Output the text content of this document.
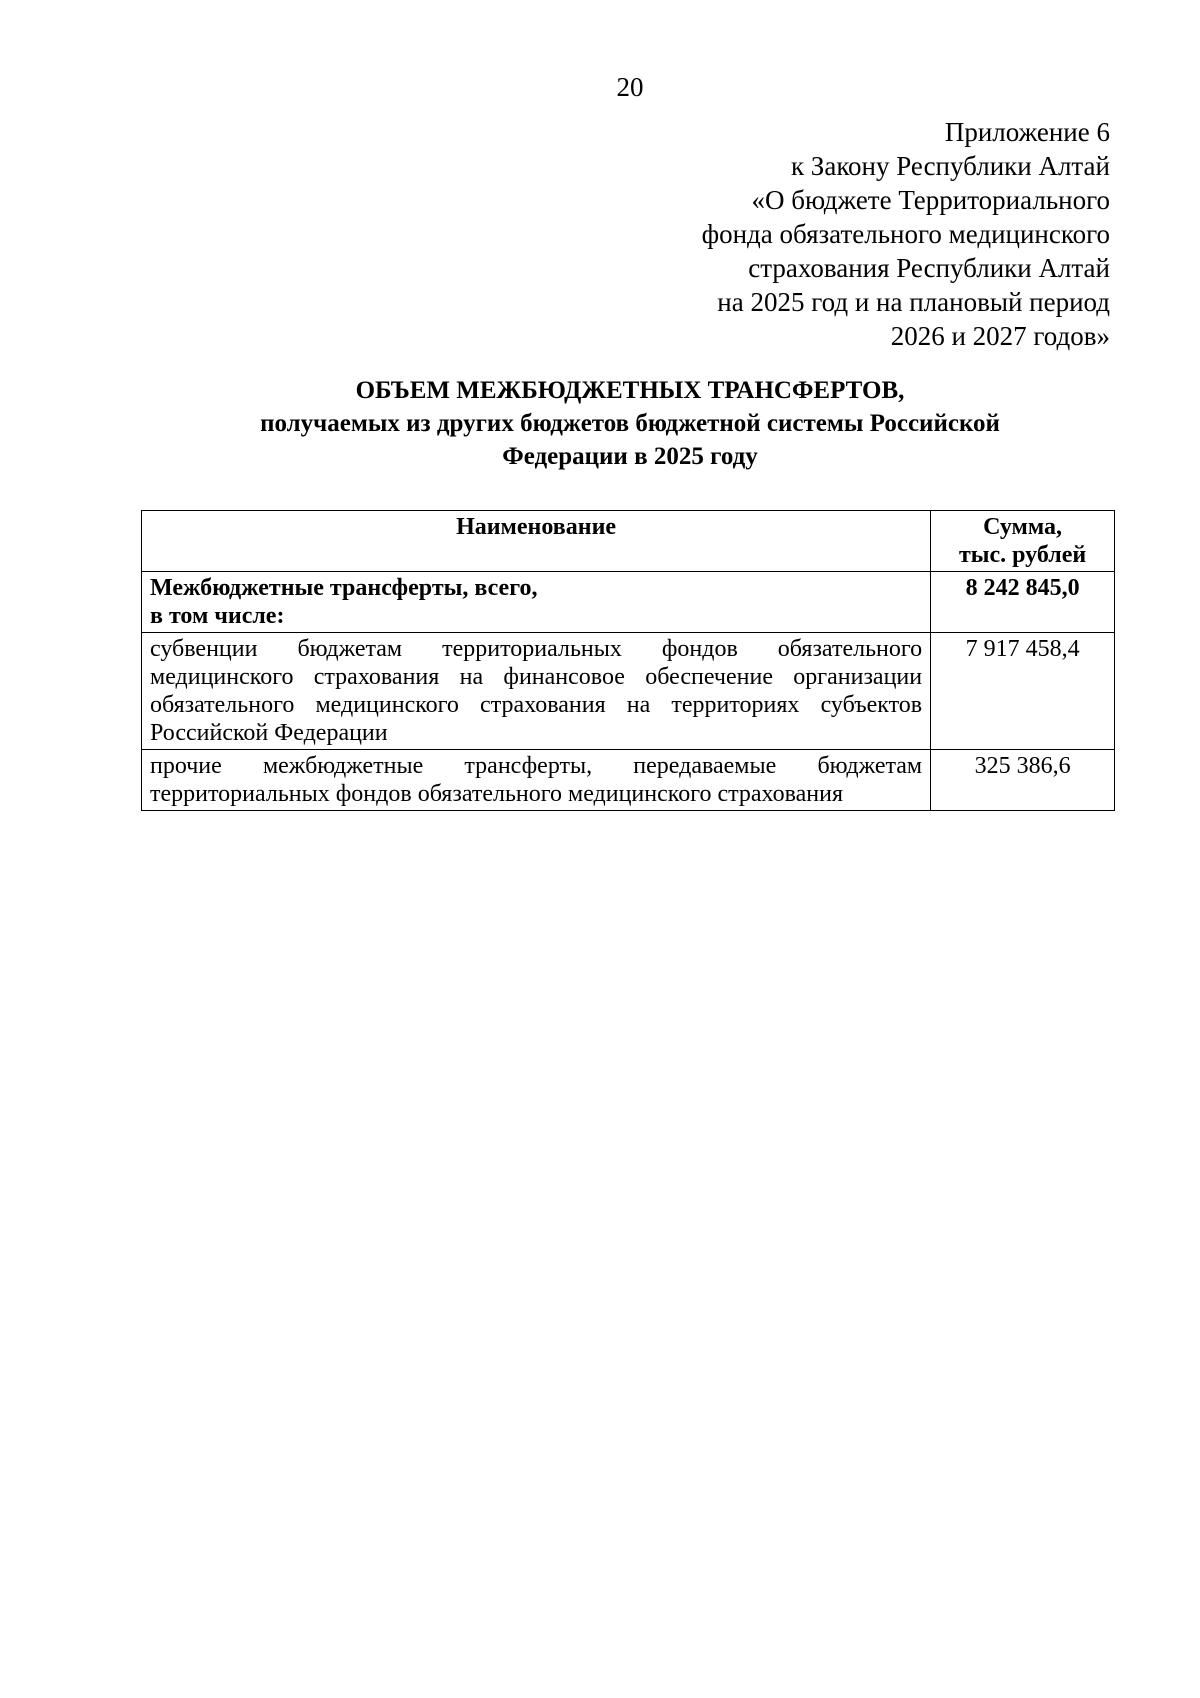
20
Приложение 6
к Закону Республики Алтай
«О бюджете Территориального
фонда обязательного медицинского
страхования Республики Алтай
на 2025 год и на плановый период
2026 и 2027 годов»
ОБЪЕМ МЕЖБЮДЖЕТНЫХ ТРАНСФЕРТОВ,
получаемых из других бюджетов бюджетной системы Российской
Федерации в 2025 году
Наименование	Сумма,
тыс. рублей

Межбюджетные трансферты, всего,
в том числе:	8 242 845,0
субвенции бюджетам территориальных фондов обязательного медицинского страхования на финансовое обеспечение организации обязательного медицинского страхования на территориях субъектов Российской Федерации	7 917 458,4
прочие межбюджетные трансферты, передаваемые бюджетам территориальных фондов обязательного медицинского страхования	325 386,6
